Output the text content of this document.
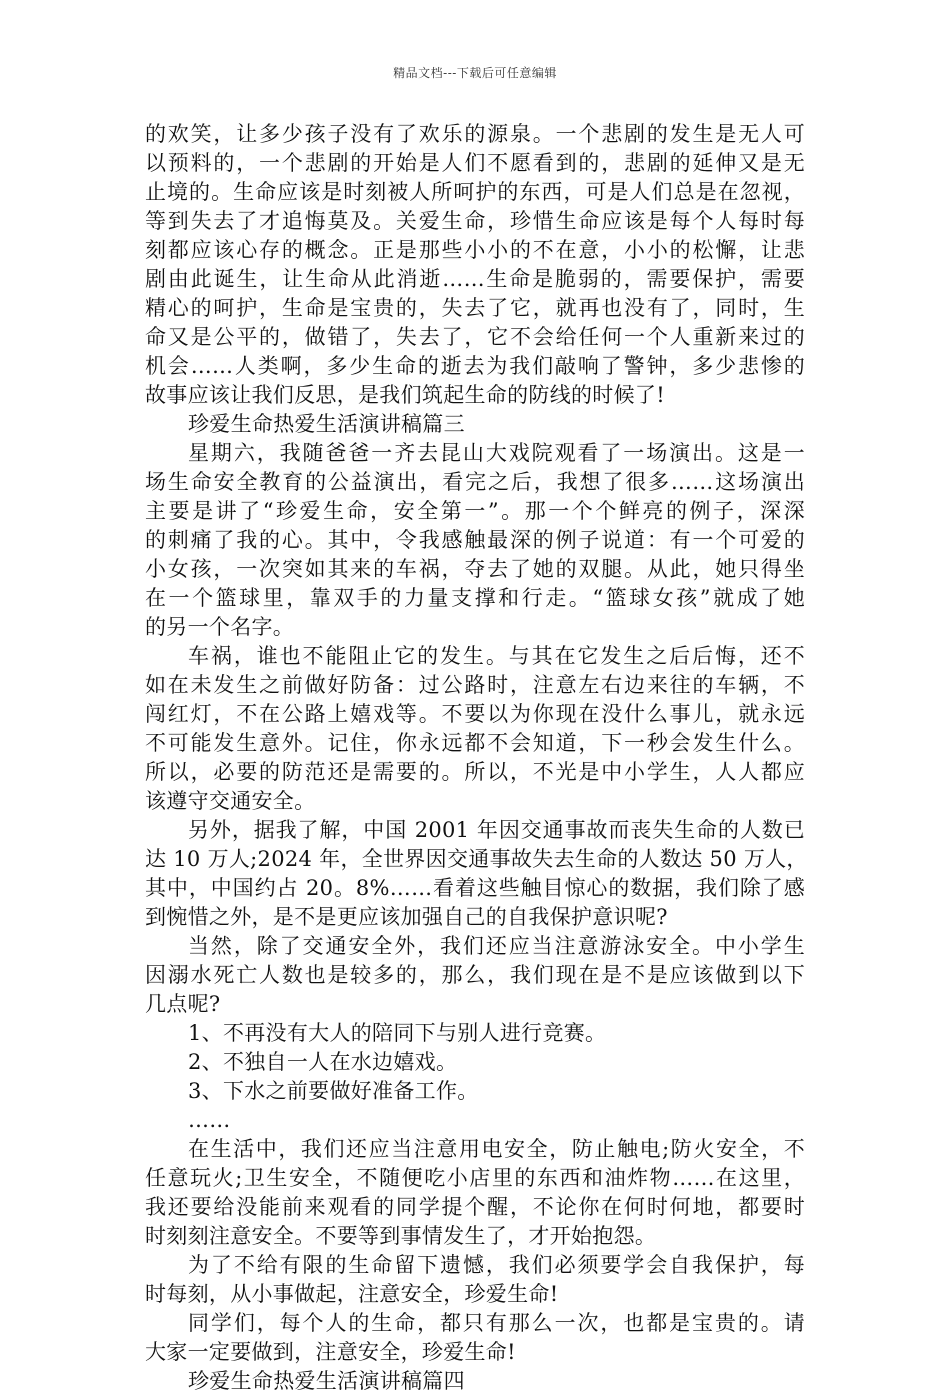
精品文档---下载后可任意编辑
的欢笑，让多少孩子没有了欢乐的源泉。一个悲剧的发生是无人可
以预料的，一个悲剧的开始是人们不愿看到的，悲剧的延伸又是无
止境的。生命应该是时刻被人所呵护的东西，可是人们总是在忽视，
等到失去了才追悔莫及。关爱生命，珍惜生命应该是每个人每时每
刻都应该心存的概念。正是那些小小的不在意，小小的松懈，让悲
剧由此诞生，让生命从此消逝……生命是脆弱的，需要保护，需要
精心的呵护，生命是宝贵的，失去了它，就再也没有了，同时，生
命又是公平的，做错了，失去了，它不会给任何一个人重新来过的
机会……人类啊，多少生命的逝去为我们敲响了警钟，多少悲惨的
故事应该让我们反思，是我们筑起生命的防线的时候了!
珍爱生命热爱生活演讲稿篇三
星期六，我随爸爸一齐去昆山大戏院观看了一场演出。这是一
场生命安全教育的公益演出，看完之后，我想了很多……这场演出
主要是讲了“珍爱生命，安全第一”。那一个个鲜亮的例子，深深
的刺痛了我的心。其中，令我感触最深的例子说道：有一个可爱的
小女孩，一次突如其来的车祸，夺去了她的双腿。从此，她只得坐
在一个篮球里，靠双手的力量支撑和行走。“篮球女孩”就成了她
的另一个名字。
车祸，谁也不能阻止它的发生。与其在它发生之后后悔，还不
如在未发生之前做好防备：过公路时，注意左右边来往的车辆，不
闯红灯，不在公路上嬉戏等。不要以为你现在没什么事儿，就永远
不可能发生意外。记住，你永远都不会知道，下一秒会发生什么。
所以，必要的防范还是需要的。所以，不光是中小学生，人人都应
该遵守交通安全。
另外，据我了解，中国 2001 年因交通事故而丧失生命的人数已
达 10 万人;2024 年，全世界因交通事故失去生命的人数达 50 万人，
其中，中国约占 20。8%……看着这些触目惊心的数据，我们除了感
到惋惜之外，是不是更应该加强自己的自我保护意识呢?
当然，除了交通安全外，我们还应当注意游泳安全。中小学生
因溺水死亡人数也是较多的，那么，我们现在是不是应该做到以下
几点呢?
1、不再没有大人的陪同下与别人进行竞赛。
2、不独自一人在水边嬉戏。
3、下水之前要做好准备工作。
……
在生活中，我们还应当注意用电安全，防止触电;防火安全，不
任意玩火;卫生安全，不随便吃小店里的东西和油炸物……在这里，
我还要给没能前来观看的同学提个醒，不论你在何时何地，都要时
时刻刻注意安全。不要等到事情发生了，才开始抱怨。
为了不给有限的生命留下遗憾，我们必须要学会自我保护，每
时每刻，从小事做起，注意安全，珍爱生命!
同学们，每个人的生命，都只有那么一次，也都是宝贵的。请
大家一定要做到，注意安全，珍爱生命!
珍爱生命热爱生活演讲稿篇四
